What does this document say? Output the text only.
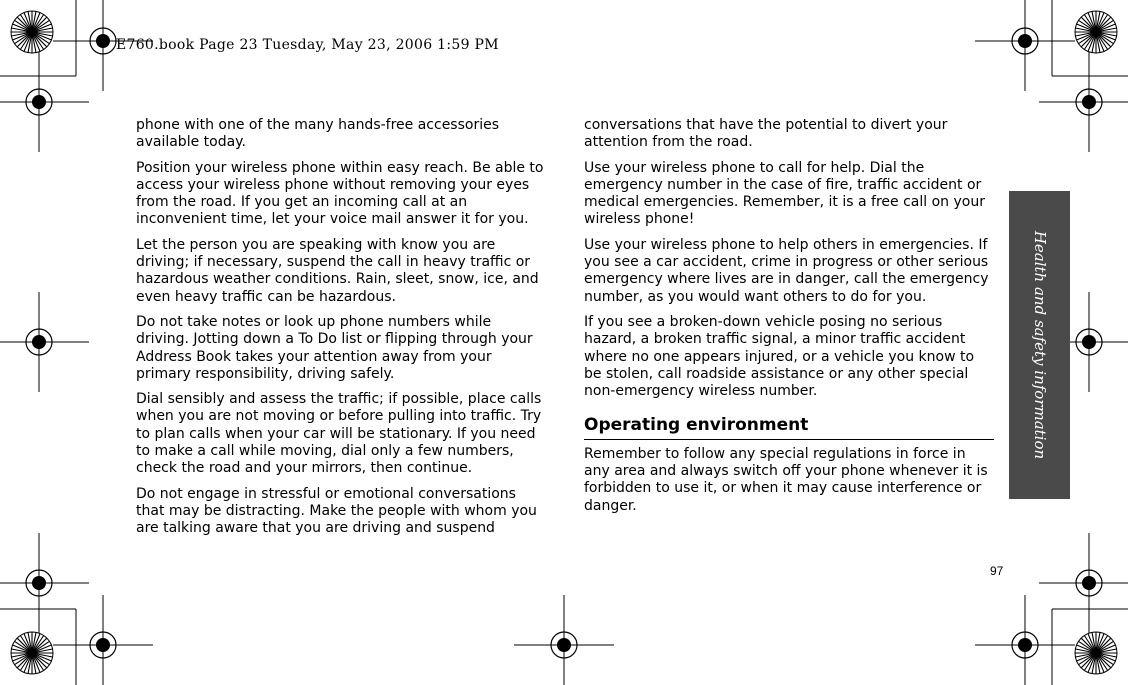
E760.book Page 23 Tuesday, May 23, 2006 1:59 PM

phone with one of the many hands-free accessories available today.

Position your wireless phone within easy reach. Be able to access your wireless phone without removing your eyes from the road. If you get an incoming call at an inconvenient time, let your voice mail answer it for you.

Let the person you are speaking with know you are driving; if necessary, suspend the call in heavy traffic or hazardous weather conditions. Rain, sleet, snow, ice, and even heavy traffic can be hazardous.

Do not take notes or look up phone numbers while driving. Jotting down a To Do list or flipping through your Address Book takes your attention away from your primary responsibility, driving safely.

Dial sensibly and assess the traffic; if possible, place calls when you are not moving or before pulling into traffic. Try to plan calls when your car will be stationary. If you need to make a call while moving, dial only a few numbers, check the road and your mirrors, then continue.

Do not engage in stressful or emotional conversations that may be distracting. Make the people with whom you are talking aware that you are driving and suspend

conversations that have the potential to divert your attention from the road.

Use your wireless phone to call for help. Dial the emergency number in the case of fire, traffic accident or medical emergencies. Remember, it is a free call on your wireless phone!

Use your wireless phone to help others in emergencies. If you see a car accident, crime in progress or other serious emergency where lives are in danger, call the emergency number, as you would want others to do for you.

If you see a broken-down vehicle posing no serious hazard, a broken traffic signal, a minor traffic accident where no one appears injured, or a vehicle you know to be stolen, call roadside assistance or any other special non-emergency wireless number.

Operating environment

Remember to follow any special regulations in force in any area and always switch off your phone whenever it is forbidden to use it, or when it may cause interference or danger.

Health and safety information
97
